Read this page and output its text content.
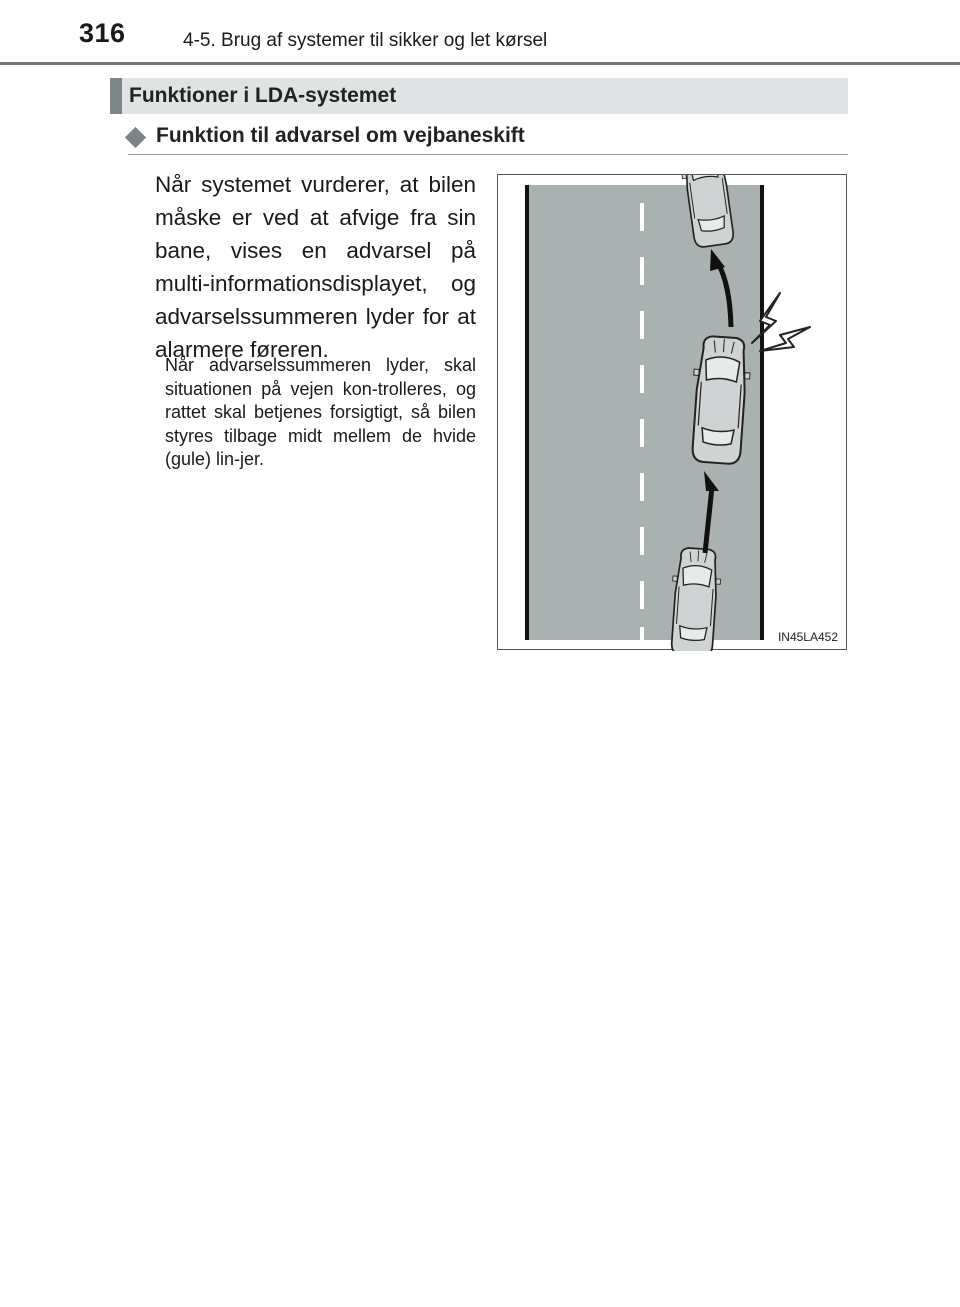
316	4-5. Brug af systemer til sikker og let kørsel
Funktioner i LDA-systemet
Funktion til advarsel om vejbaneskift

Når systemet vurderer, at bilen måske er ved at afvige fra sin bane, vises en advarsel på multi-informationsdisplayet, og advarselssummeren lyder for at alarmere føreren.

Når advarselssummeren lyder, skal situationen på vejen kon-trolleres, og rattet skal betjenes forsigtigt, så bilen styres tilbage midt mellem de hvide (gule) lin-jer.

IN45LA452
